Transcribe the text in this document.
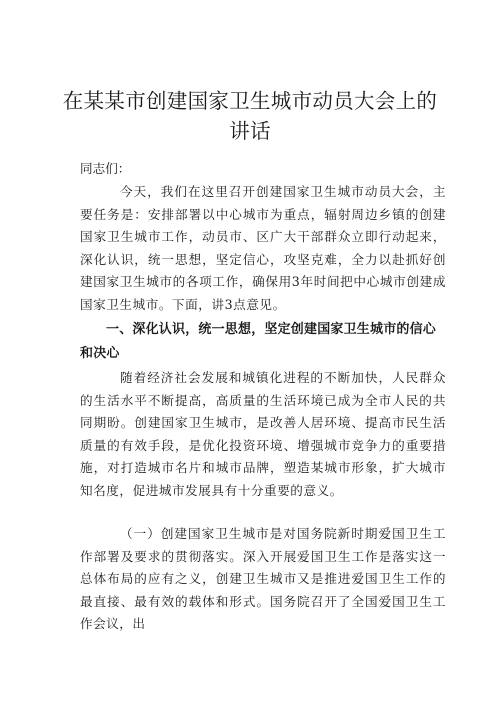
在某某市创建国家卫生城市动员大会上的讲话

同志们：

今天，我们在这里召开创建国家卫生城市动员大会，主要任务是：安排部署以中心城市为重点，辐射周边乡镇的创建国家卫生城市工作，动员市、区广大干部群众立即行动起来，深化认识，统一思想，坚定信心，攻坚克难，全力以赴抓好创建国家卫生城市的各项工作，确保用3年时间把中心城市创建成国家卫生城市。下面，讲3点意见。

一、深化认识，统一思想，坚定创建国家卫生城市的信心和决心

随着经济社会发展和城镇化进程的不断加快，人民群众的生活水平不断提高，高质量的生活环境已成为全市人民的共同期盼。创建国家卫生城市，是改善人居环境、提高市民生活质量的有效手段，是优化投资环境、增强城市竞争力的重要措施，对打造城市名片和城市品牌，塑造某城市形象，扩大城市知名度，促进城市发展具有十分重要的意义。

（一）创建国家卫生城市是对国务院新时期爱国卫生工作部署及要求的贯彻落实。深入开展爱国卫生工作是落实这一总体布局的应有之义，创建卫生城市又是推进爱国卫生工作的最直接、最有效的载体和形式。国务院召开了全国爱国卫生工作会议，出
